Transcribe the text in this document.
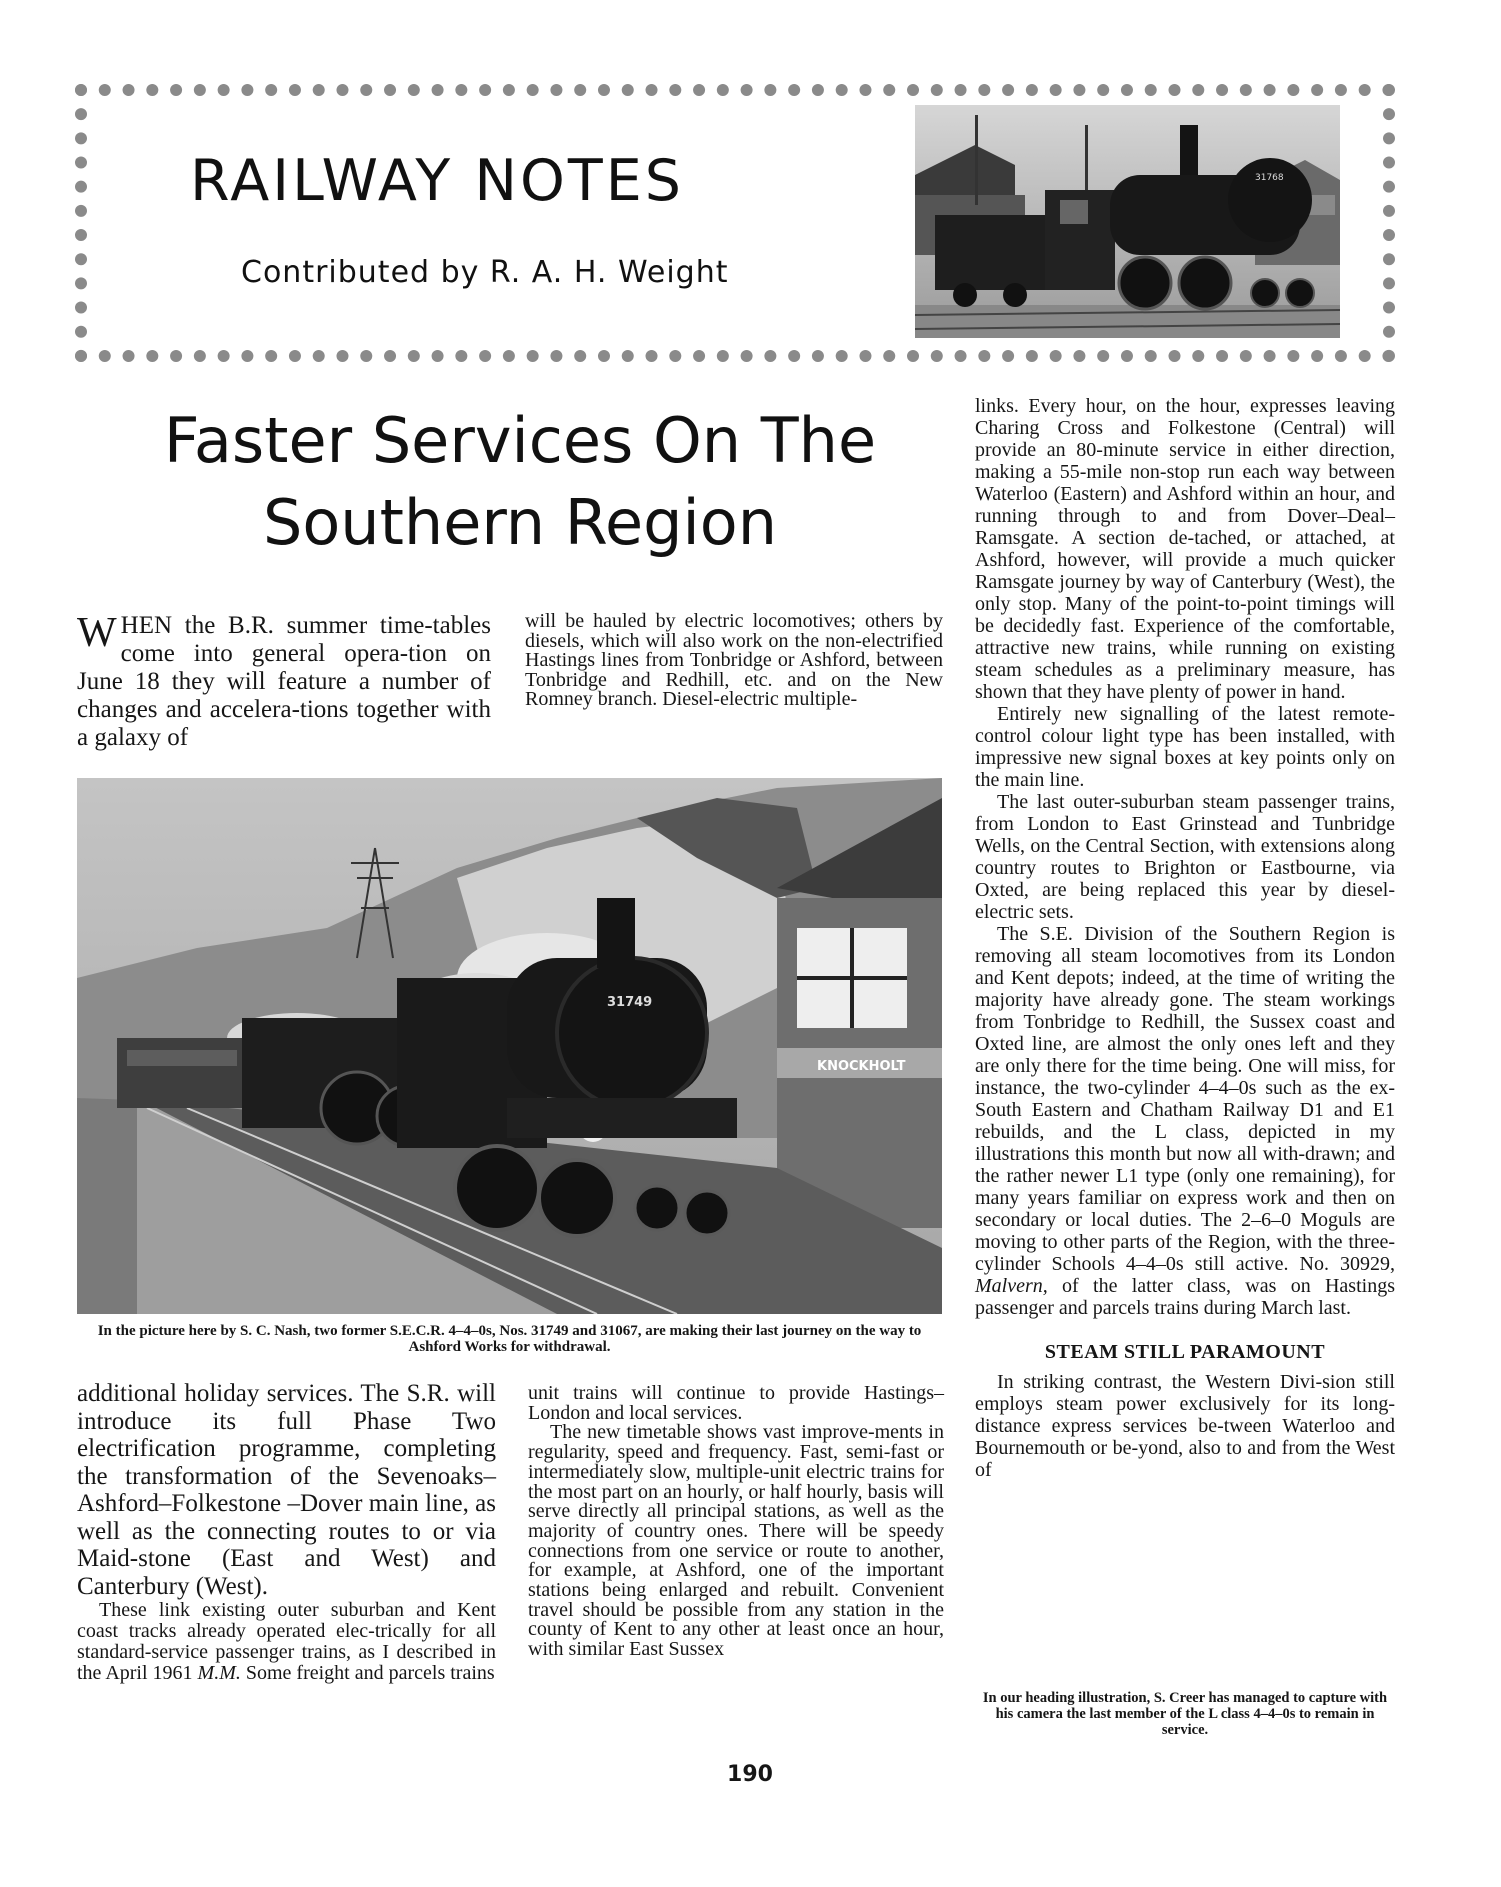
RAILWAY NOTES
Contributed by R. A. H. Weight
31768
Faster Services On The
Southern Region

WHEN the B.R. summer time-tables come into general opera-tion on June 18 they will feature a number of changes and accelera-tions together with a galaxy of

will be hauled by electric locomotives; others by diesels, which will also work on the non-electrified Hastings lines from Tonbridge or Ashford, between Tonbridge and Redhill, etc. and on the New Romney branch. Diesel-electric multiple-

KNOCKHOLT
31749
In the picture here by S. C. Nash, two former S.E.C.R. 4–4–0s, Nos. 31749 and 31067, are making their last journey on the way to Ashford Works for withdrawal.

additional holiday services. The S.R. will introduce its full Phase Two electrification programme, completing the transformation of the Sevenoaks–Ashford–Folkestone –Dover main line, as well as the connecting routes to or via Maid-stone (East and West) and Canterbury (West).

These link existing outer suburban and Kent coast tracks already operated elec-trically for all standard-service passenger trains, as I described in the April 1961 M.M. Some freight and parcels trains

unit trains will continue to provide Hastings–London and local services.

The new timetable shows vast improve-ments in regularity, speed and frequency. Fast, semi-fast or intermediately slow, multiple-unit electric trains for the most part on an hourly, or half hourly, basis will serve directly all principal stations, as well as the majority of country ones. There will be speedy connections from one service or route to another, for example, at Ashford, one of the important stations being enlarged and rebuilt. Convenient travel should be possible from any station in the county of Kent to any other at least once an hour, with similar East Sussex

links. Every hour, on the hour, expresses leaving Charing Cross and Folkestone (Central) will provide an 80-minute service in either direction, making a 55-mile non-stop run each way between Waterloo (Eastern) and Ashford within an hour, and running through to and from Dover–Deal–Ramsgate. A section de-tached, or attached, at Ashford, however, will provide a much quicker Ramsgate journey by way of Canterbury (West), the only stop. Many of the point-to-point timings will be decidedly fast. Experience of the comfortable, attractive new trains, while running on existing steam schedules as a preliminary measure, has shown that they have plenty of power in hand.

Entirely new signalling of the latest remote-control colour light type has been installed, with impressive new signal boxes at key points only on the main line.

The last outer-suburban steam passenger trains, from London to East Grinstead and Tunbridge Wells, on the Central Section, with extensions along country routes to Brighton or Eastbourne, via Oxted, are being replaced this year by diesel-electric sets.

The S.E. Division of the Southern Region is removing all steam locomotives from its London and Kent depots; indeed, at the time of writing the majority have already gone. The steam workings from Tonbridge to Redhill, the Sussex coast and Oxted line, are almost the only ones left and they are only there for the time being. One will miss, for instance, the two-cylinder 4–4–0s such as the ex-South Eastern and Chatham Railway D1 and E1 rebuilds, and the L class, depicted in my illustrations this month but now all with-drawn; and the rather newer L1 type (only one remaining), for many years familiar on express work and then on secondary or local duties. The 2–6–0 Moguls are moving to other parts of the Region, with the three-cylinder Schools 4–4–0s still active. No. 30929, Malvern, of the latter class, was on Hastings passenger and parcels trains during March last.

STEAM STILL PARAMOUNT

In striking contrast, the Western Divi-sion still employs steam power exclusively for its long-distance express services be-tween Waterloo and Bournemouth or be-yond, also to and from the West of

In our heading illustration, S. Creer has managed to capture with his camera the last member of the L class 4–4–0s to remain in service.
190
